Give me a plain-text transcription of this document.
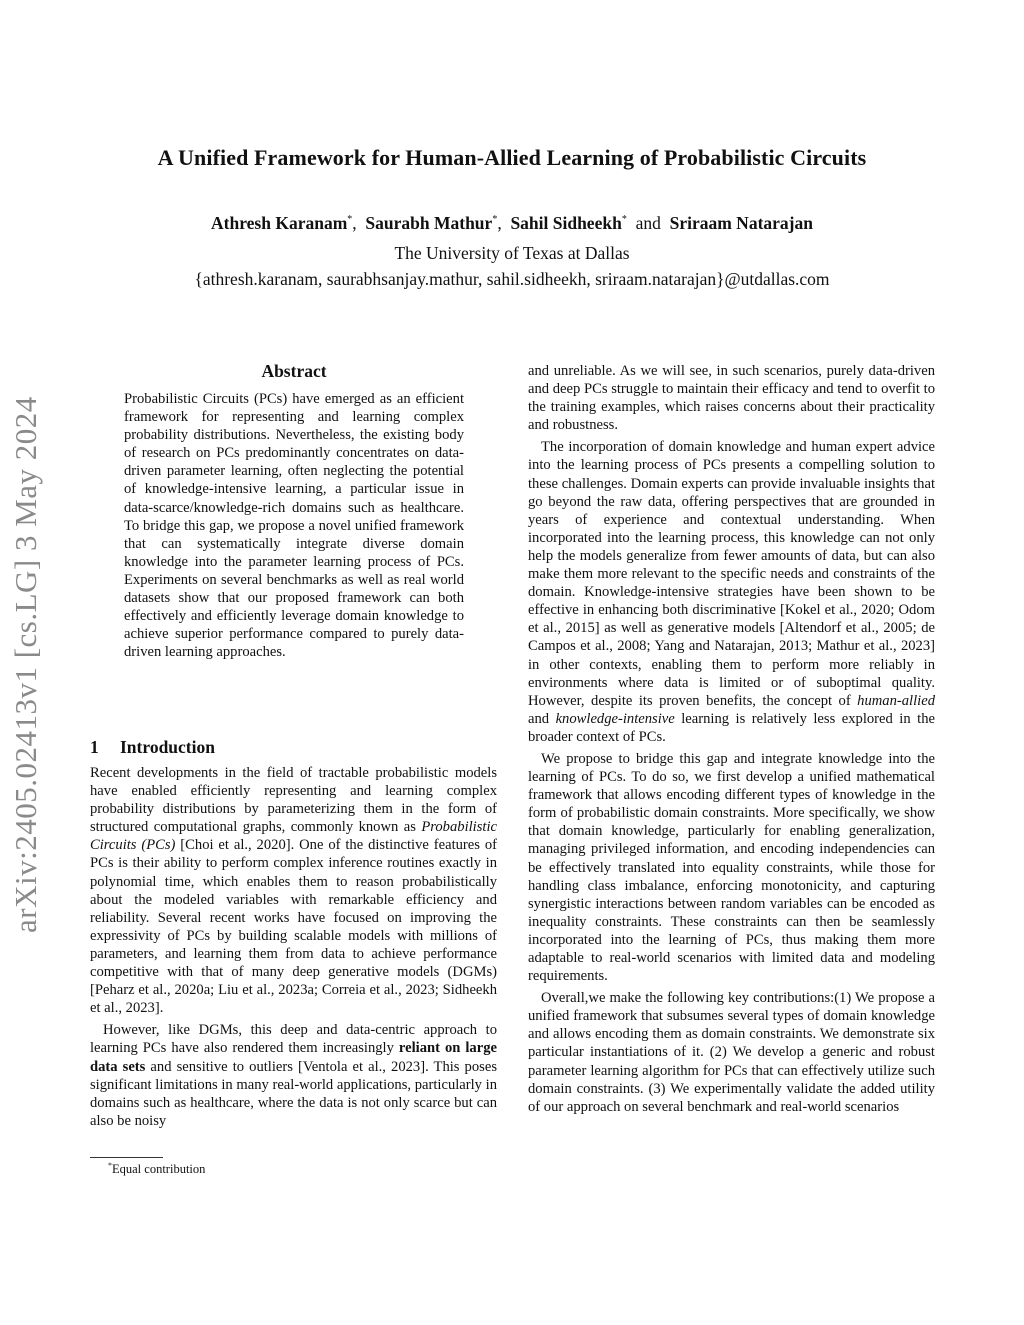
A Unified Framework for Human-Allied Learning of Probabilistic Circuits
Athresh Karanam*, Saurabh Mathur*, Sahil Sidheekh* and Sriraam Natarajan
The University of Texas at Dallas
{athresh.karanam, saurabhsanjay.mathur, sahil.sidheekh, sriraam.natarajan}@utdallas.com
arXiv:2405.02413v1 [cs.LG] 3 May 2024
Abstract

Probabilistic Circuits (PCs) have emerged as an efficient framework for representing and learning complex probability distributions. Nevertheless, the existing body of research on PCs predominantly concentrates on data-driven parameter learning, often neglecting the potential of knowledge-intensive learning, a particular issue in data-scarce/knowledge-rich domains such as healthcare. To bridge this gap, we propose a novel unified framework that can systematically integrate diverse domain knowledge into the parameter learning process of PCs. Experiments on several benchmarks as well as real world datasets show that our proposed framework can both effectively and efficiently leverage domain knowledge to achieve superior performance compared to purely data-driven learning approaches.

1 Introduction

Recent developments in the field of tractable probabilistic models have enabled efficiently representing and learning complex probability distributions by parameterizing them in the form of structured computational graphs, commonly known as Probabilistic Circuits (PCs) [Choi et al., 2020]. One of the distinctive features of PCs is their ability to perform complex inference routines exactly in polynomial time, which enables them to reason probabilistically about the modeled variables with remarkable efficiency and reliability. Several recent works have focused on improving the expressivity of PCs by building scalable models with millions of parameters, and learning them from data to achieve performance competitive with that of many deep generative models (DGMs) [Peharz et al., 2020a; Liu et al., 2023a; Correia et al., 2023; Sidheekh et al., 2023].

However, like DGMs, this deep and data-centric approach to learning PCs have also rendered them increasingly reliant on large data sets and sensitive to outliers [Ventola et al., 2023]. This poses significant limitations in many real-world applications, particularly in domains such as healthcare, where the data is not only scarce but can also be noisy

and unreliable. As we will see, in such scenarios, purely data-driven and deep PCs struggle to maintain their efficacy and tend to overfit to the training examples, which raises concerns about their practicality and robustness.

The incorporation of domain knowledge and human expert advice into the learning process of PCs presents a compelling solution to these challenges. Domain experts can provide invaluable insights that go beyond the raw data, offering perspectives that are grounded in years of experience and contextual understanding. When incorporated into the learning process, this knowledge can not only help the models generalize from fewer amounts of data, but can also make them more relevant to the specific needs and constraints of the domain. Knowledge-intensive strategies have been shown to be effective in enhancing both discriminative [Kokel et al., 2020; Odom et al., 2015] as well as generative models [Altendorf et al., 2005; de Campos et al., 2008; Yang and Natarajan, 2013; Mathur et al., 2023] in other contexts, enabling them to perform more reliably in environments where data is limited or of suboptimal quality. However, despite its proven benefits, the concept of human-allied and knowledge-intensive learning is relatively less explored in the broader context of PCs.

We propose to bridge this gap and integrate knowledge into the learning of PCs. To do so, we first develop a unified mathematical framework that allows encoding different types of knowledge in the form of probabilistic domain constraints. More specifically, we show that domain knowledge, particularly for enabling generalization, managing privileged information, and encoding independencies can be effectively translated into equality constraints, while those for handling class imbalance, enforcing monotonicity, and capturing synergistic interactions between random variables can be encoded as inequality constraints. These constraints can then be seamlessly incorporated into the learning of PCs, thus making them more adaptable to real-world scenarios with limited data and modeling requirements.

Overall,we make the following key contributions:(1) We propose a unified framework that subsumes several types of domain knowledge and allows encoding them as domain constraints. We demonstrate six particular instantiations of it. (2) We develop a generic and robust parameter learning algorithm for PCs that can effectively utilize such domain constraints. (3) We experimentally validate the added utility of our approach on several benchmark and real-world scenarios

*Equal contribution
